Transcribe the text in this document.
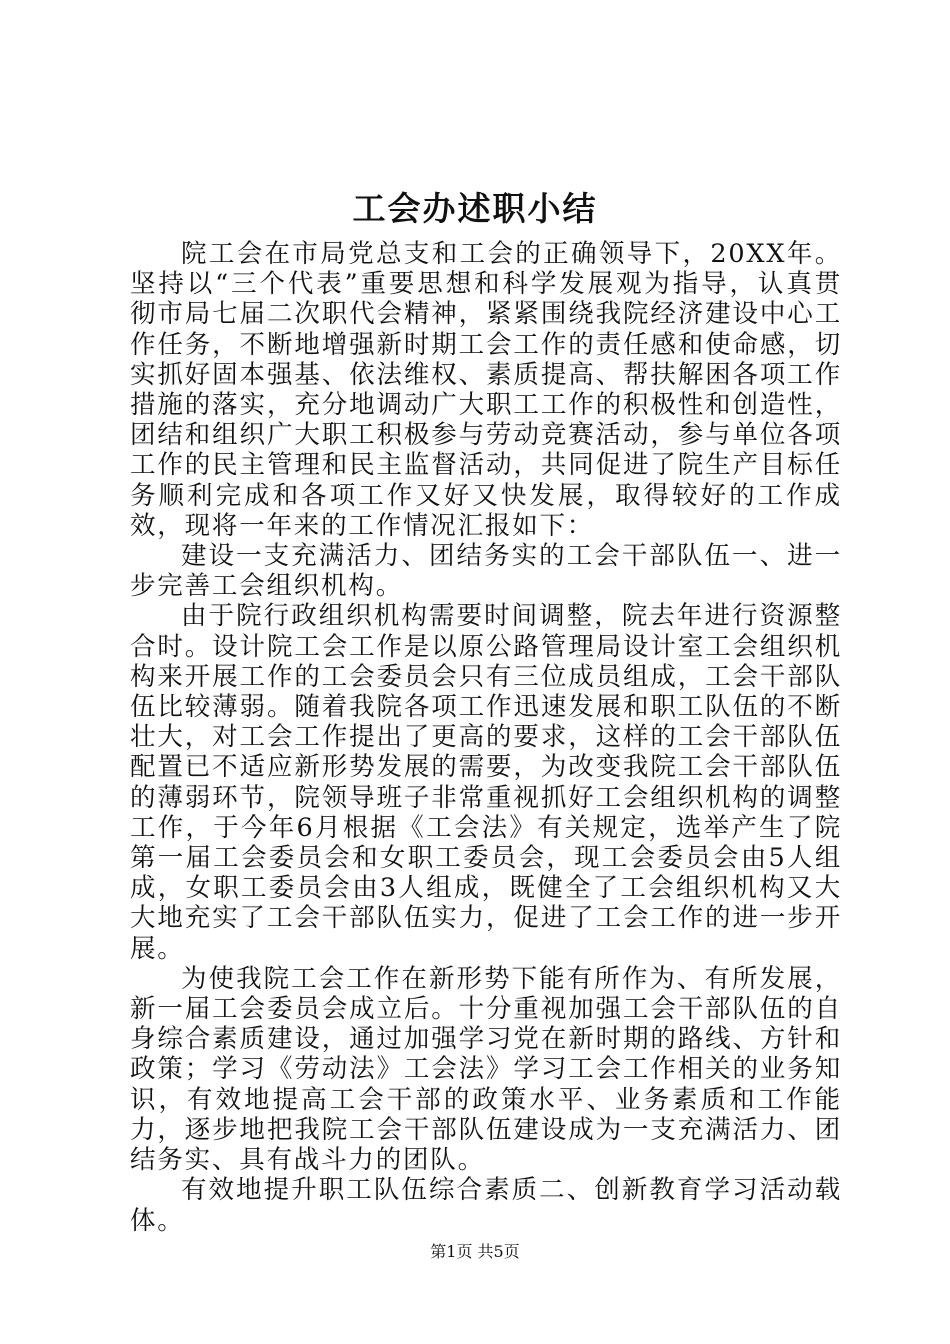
工会办述职小结

院工会在市局党总支和工会的正确领导下，20XX年。坚持以“三个代表”重要思想和科学发展观为指导，认真贯彻市局七届二次职代会精神，紧紧围绕我院经济建设中心工作任务，不断地增强新时期工会工作的责任感和使命感，切实抓好固本强基、依法维权、素质提高、帮扶解困各项工作措施的落实，充分地调动广大职工工作的积极性和创造性，团结和组织广大职工积极参与劳动竞赛活动，参与单位各项工作的民主管理和民主监督活动，共同促进了院生产目标任务顺利完成和各项工作又好又快发展，取得较好的工作成效，现将一年来的工作情况汇报如下：

建设一支充满活力、团结务实的工会干部队伍一、进一步完善工会组织机构。

由于院行政组织机构需要时间调整，院去年进行资源整合时。设计院工会工作是以原公路管理局设计室工会组织机构来开展工作的工会委员会只有三位成员组成，工会干部队伍比较薄弱。随着我院各项工作迅速发展和职工队伍的不断壮大，对工会工作提出了更高的要求，这样的工会干部队伍配置已不适应新形势发展的需要，为改变我院工会干部队伍的薄弱环节，院领导班子非常重视抓好工会组织机构的调整工作，于今年6月根据《工会法》有关规定，选举产生了院第一届工会委员会和女职工委员会，现工会委员会由5人组成，女职工委员会由3人组成，既健全了工会组织机构又大大地充实了工会干部队伍实力，促进了工会工作的进一步开展。

为使我院工会工作在新形势下能有所作为、有所发展，新一届工会委员会成立后。十分重视加强工会干部队伍的自身综合素质建设，通过加强学习党在新时期的路线、方针和政策；学习《劳动法》工会法》学习工会工作相关的业务知识，有效地提高工会干部的政策水平、业务素质和工作能力，逐步地把我院工会干部队伍建设成为一支充满活力、团结务实、具有战斗力的团队。

有效地提升职工队伍综合素质二、创新教育学习活动载体。

第1页 共5页
